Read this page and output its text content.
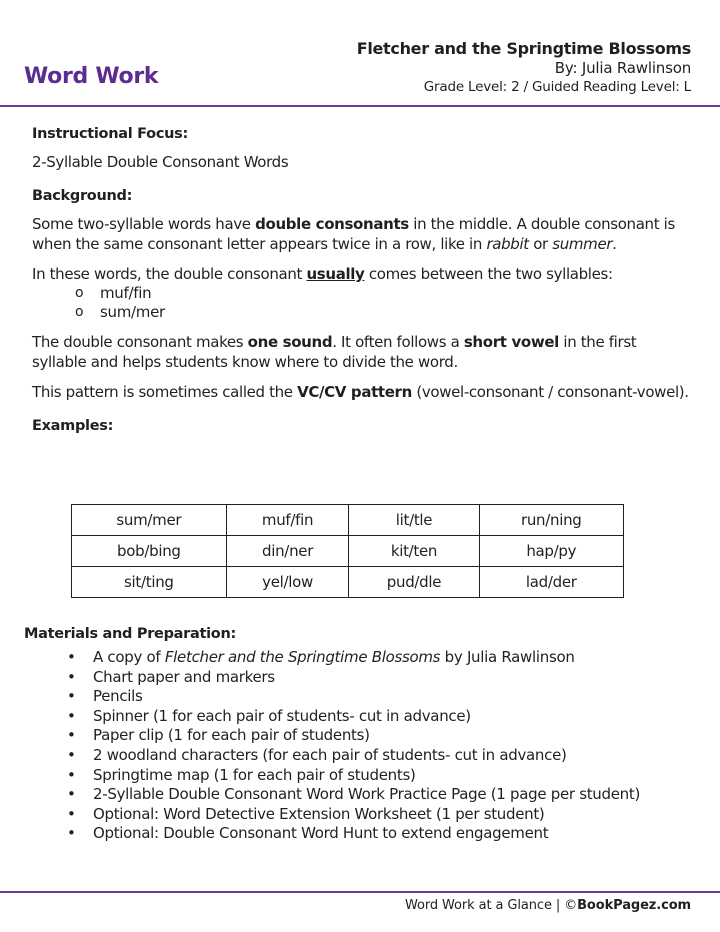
Word Work
Fletcher and the Springtime Blossoms
By: Julia Rawlinson
Grade Level: 2 / Guided Reading Level: L
Instructional Focus:
2-Syllable Double Consonant Words
Background:
Some two-syllable words have double consonants in the middle. A double consonant is when the same consonant letter appears twice in a row, like in rabbit or summer.
In these words, the double consonant usually comes between the two syllables:
o muf/fin
o sum/mer
The double consonant makes one sound. It often follows a short vowel in the first syllable and helps students know where to divide the word.
This pattern is sometimes called the VC/CV pattern (vowel-consonant / consonant-vowel).
Examples:
sum/mer	muf/fin	lit/tle	run/ning
bob/bing	din/ner	kit/ten	hap/py
sit/ting	yel/low	pud/dle	lad/der
Materials and Preparation:
• A copy of Fletcher and the Springtime Blossoms by Julia Rawlinson
• Chart paper and markers
• Pencils
• Spinner (1 for each pair of students- cut in advance)
• Paper clip (1 for each pair of students)
• 2 woodland characters (for each pair of students- cut in advance)
• Springtime map (1 for each pair of students)
• 2-Syllable Double Consonant Word Work Practice Page (1 page per student)
• Optional: Word Detective Extension Worksheet (1 per student)
• Optional: Double Consonant Word Hunt to extend engagement
Word Work at a Glance | ©BookPagez.com
